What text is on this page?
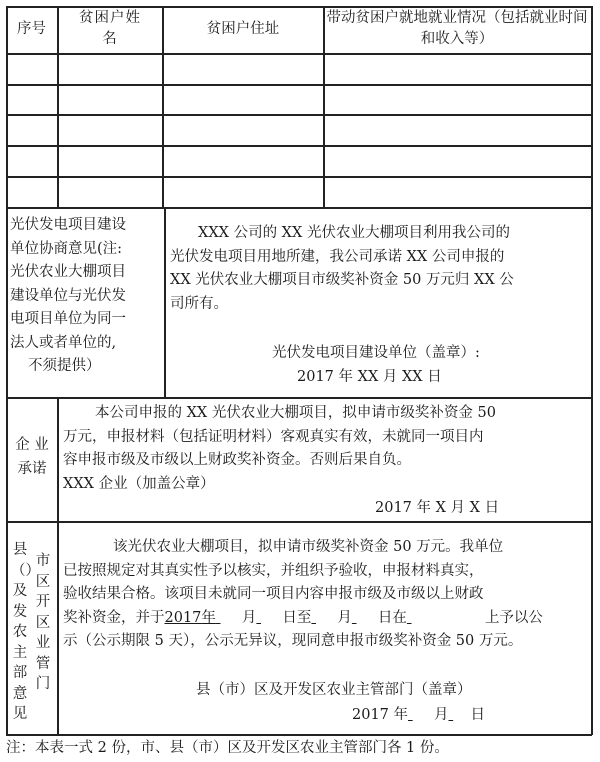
序号
贫困户姓名
贫困户住址
带动贫困户就地就业情况（包括就业时间和收入等）
光伏发电项目建设
单位协商意见(注:
光伏农业大棚项目
建设单位与光伏发
电项目单位为同一
法人或者单位的,
不须提供）
XXX 公司的 XX 光伏农业大棚项目利用我公司的
光伏发电项目用地所建，我公司承诺 XX 公司申报的
XX 光伏农业大棚项目市级奖补资金 50 万元归 XX 公
司所有。
光伏发电项目建设单位（盖章）:
2017 年 XX 月 XX 日
企 业
承诺
本公司申报的 XX 光伏农业大棚项目，拟申请市级奖补资金 50
万元，申报材料（包括证明材料）客观真实有效，未就同一项目内
容申报市级及市级以上财政奖补资金。否则后果自负。
XXX 企业（加盖公章）
2017 年 X 月 X 日
县（）及发农主部意见
市区开区业管门
该光伏农业大棚项目，拟申请市级奖补资金 50 万元。我单位
已按照规定对其真实性予以核实，并组织予验收，申报材料真实，
验收结果合格。该项目未就同一项目内容申报市级及市级以上财政
奖补资金，并于2017年 月 日至 月 日在	上予以公
示（公示期限 5 天），公示无异议，现同意申报市级奖补资金 50 万元。
县（市）区及开发区农业主管部门（盖章）
2017 年 月 日
注：本表一式 2 份，市、县（市）区及开发区农业主管部门各 1 份。
